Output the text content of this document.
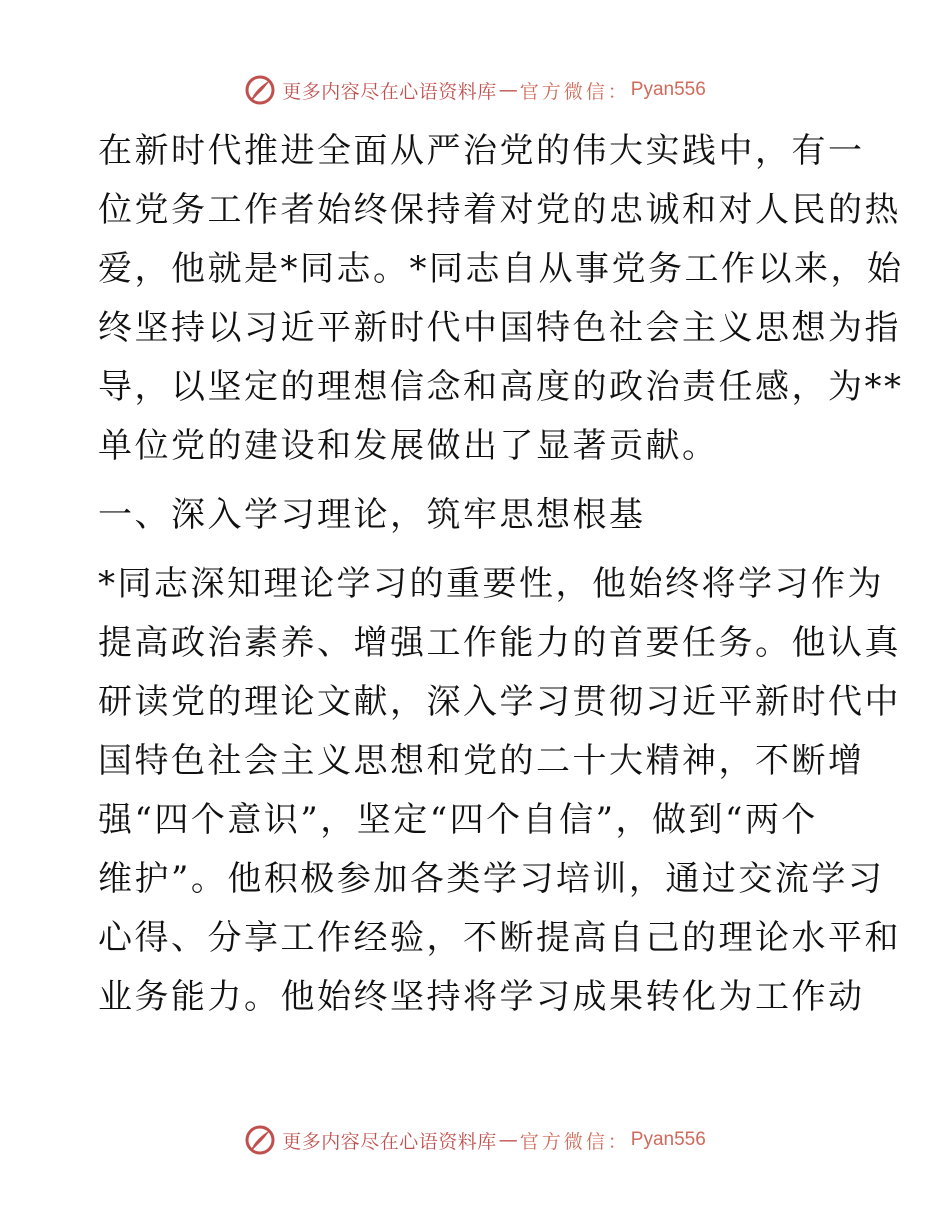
更多内容尽在心语资料库 — 官方微信 ： Pyan556

在新时代推进全面从严治党的伟大实践中，有一
位党务工作者始终保持着对党的忠诚和对人民的热
爱，他就是*同志。*同志自从事党务工作以来，始
终坚持以习近平新时代中国特色社会主义思想为指
导，以坚定的理想信念和高度的政治责任感，为**
单位党的建设和发展做出了显著贡献。

一、深入学习理论，筑牢思想根基

*同志深知理论学习的重要性，他始终将学习作为
提高政治素养、增强工作能力的首要任务。他认真
研读党的理论文献，深入学习贯彻习近平新时代中
国特色社会主义思想和党的二十大精神，不断增
强“四个意识”，坚定“四个自信”，做到“两个
维护”。他积极参加各类学习培训，通过交流学习
心得、分享工作经验，不断提高自己的理论水平和
业务能力。他始终坚持将学习成果转化为工作动

更多内容尽在心语资料库 — 官方微信 ： Pyan556
